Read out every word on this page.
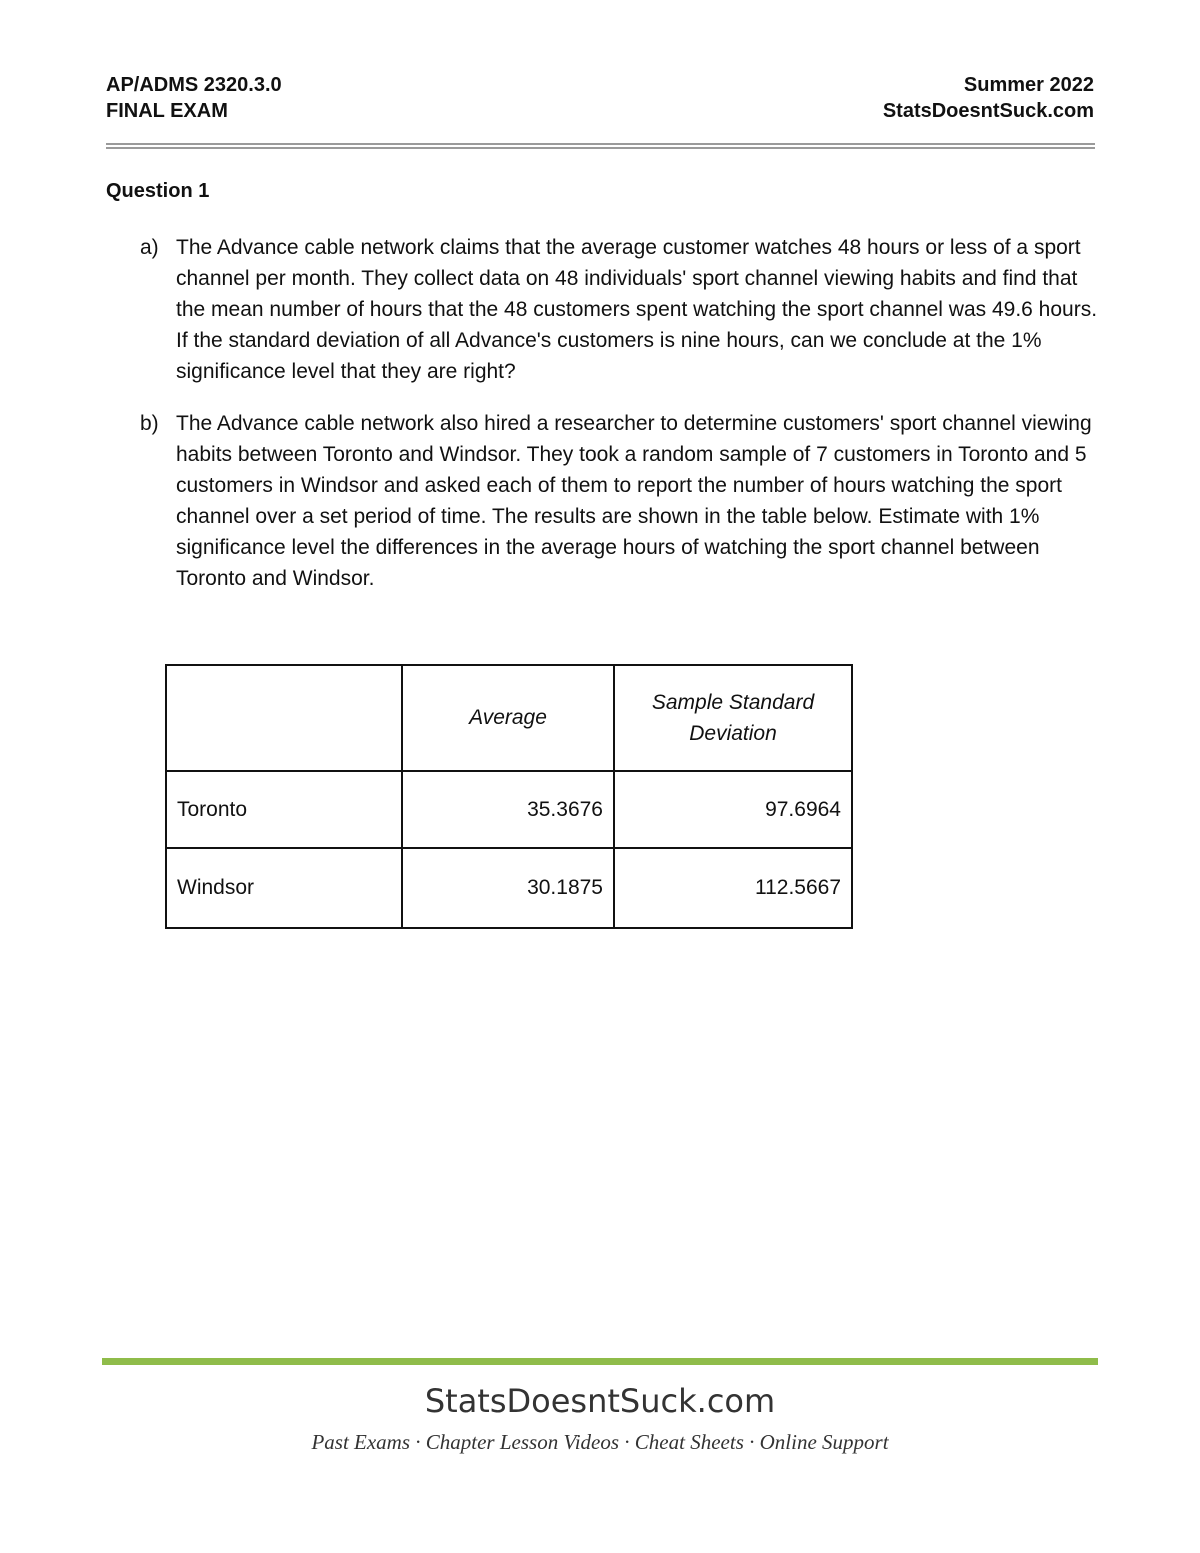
AP/ADMS 2320.3.0
FINAL EXAM
Summer 2022
StatsDoesntSuck.com
Question 1
a) The Advance cable network claims that the average customer watches 48 hours or less of a sport channel per month. They collect data on 48 individuals' sport channel viewing habits and find that the mean number of hours that the 48 customers spent watching the sport channel was 49.6 hours. If the standard deviation of all Advance's customers is nine hours, can we conclude at the 1% significance level that they are right?
b) The Advance cable network also hired a researcher to determine customers' sport channel viewing habits between Toronto and Windsor. They took a random sample of 7 customers in Toronto and 5 customers in Windsor and asked each of them to report the number of hours watching the sport channel over a set period of time. The results are shown in the table below. Estimate with 1% significance level the differences in the average hours of watching the sport channel between Toronto and Windsor.
	Average	Sample Standard Deviation
Toronto	35.3676	97.6964
Windsor	30.1875	112.5667
StatsDoesntSuck.com
Past Exams · Chapter Lesson Videos · Cheat Sheets · Online Support
